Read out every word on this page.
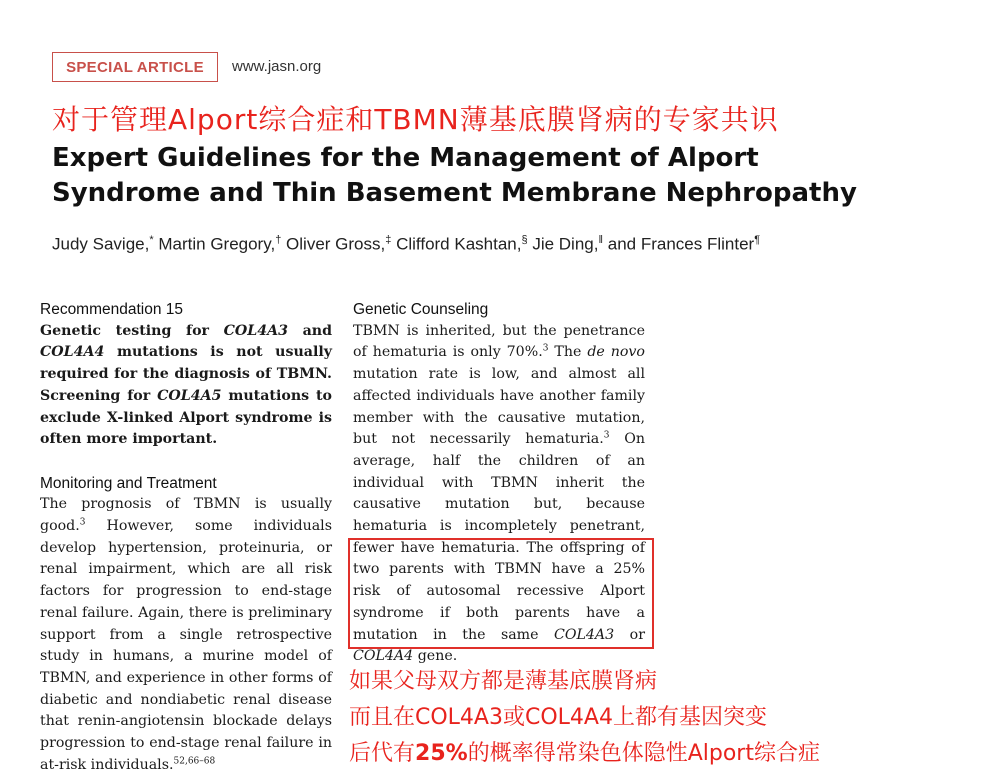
SPECIAL ARTICLE	www.jasn.org
对于管理Alport综合症和TBMN薄基底膜肾病的专家共识
Expert Guidelines for the Management of Alport
Syndrome and Thin Basement Membrane Nephropathy
Judy Savige,* Martin Gregory,† Oliver Gross,‡ Clifford Kashtan,§ Jie Ding,‖ and Frances Flinter¶
Recommendation 15
Genetic testing for COL4A3 and COL4A4 mutations is not usually required for the diagnosis of TBMN. Screening for COL4A5 mutations to exclude X-linked Alport syndrome is often more important.
Monitoring and Treatment
The prognosis of TBMN is usually good.$^3$ However, some individuals develop hypertension, proteinuria, or renal impairment, which are all risk factors for progression to end-stage renal failure. Again, there is preliminary support from a single retrospective study in humans, a murine model of TBMN, and experience in other forms of diabetic and nondiabetic renal disease that renin-angiotensin blockade delays progression to end-stage renal failure in at-risk individuals.$^{52,66-68}$
Genetic Counseling
TBMN is inherited, but the penetrance of hematuria is only 70%.$^3$ The de novo mutation rate is low, and almost all affected individuals have another family member with the causative mutation, but not necessarily hematuria.$^3$ On average, half the children of an individual with TBMN inherit the causative mutation but, because hematuria is incompletely penetrant, fewer have hematuria. The offspring of two parents with TBMN have a 25% risk of autosomal recessive Alport syndrome if both parents have a mutation in the same COL4A3 or COL4A4 gene.
如果父母双方都是薄基底膜肾病
而且在COL4A3或COL4A4上都有基因突变
后代有25%的概率得常染色体隐性Alport综合症
